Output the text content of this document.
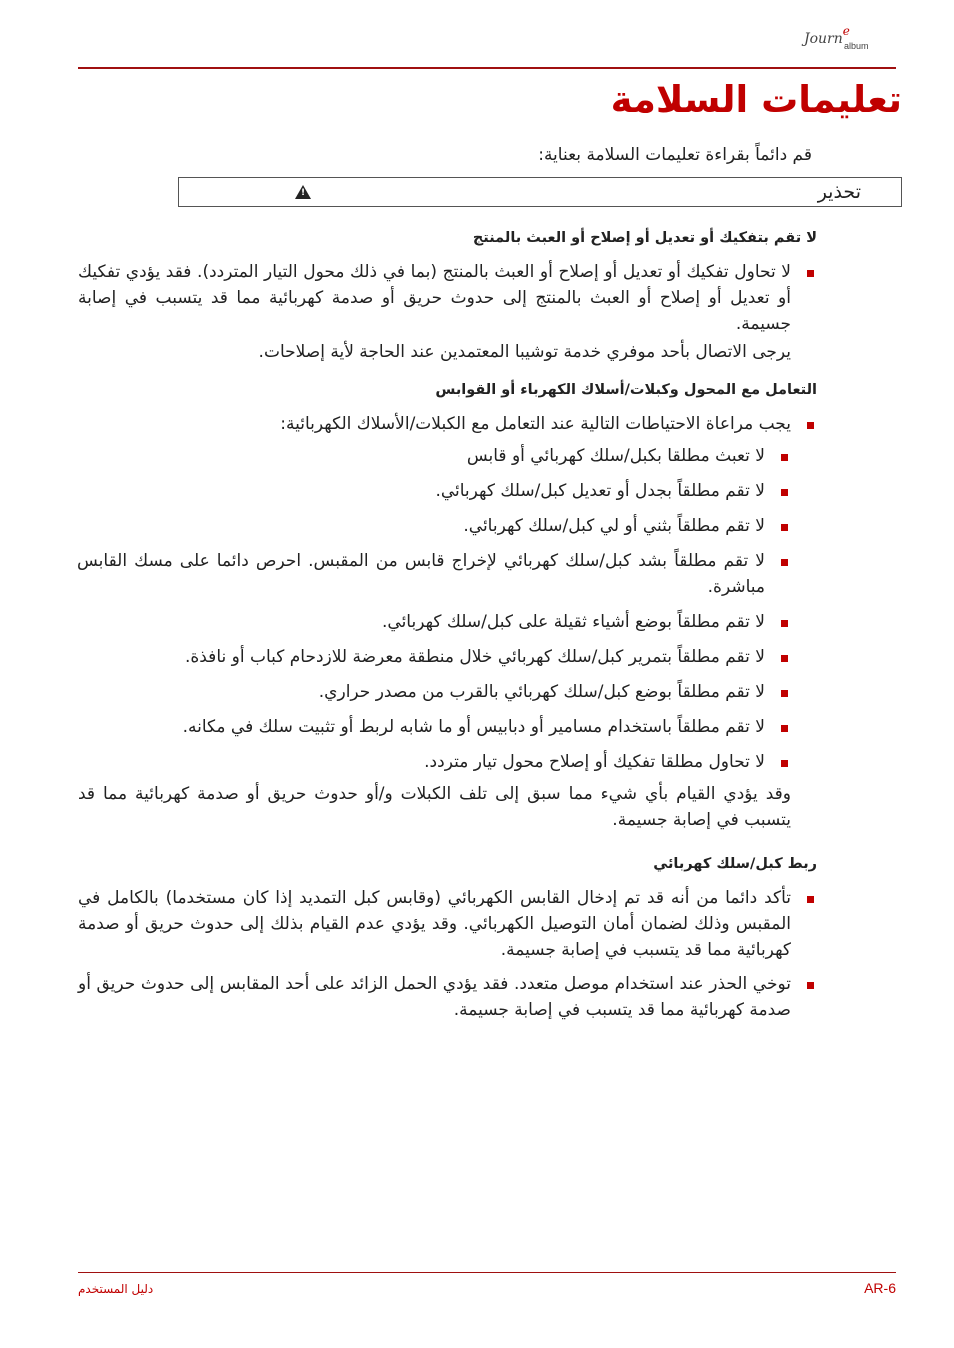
Journe
album
تعليمات السلامة
قم دائماً بقراءة تعليمات السلامة بعناية:
تحذير
!
لا تقم بتفكيك أو تعديل أو إصلاح أو العبث بالمنتج
لا تحاول تفكيك أو تعديل أو إصلاح أو العبث بالمنتج (بما في ذلك محول التيار المتردد). فقد يؤدي تفكيك أو تعديل أو إصلاح أو العبث بالمنتج إلى حدوث حريق أو صدمة كهربائية مما قد يتسبب في إصابة جسيمة.
يرجى الاتصال بأحد موفري خدمة توشيبا المعتمدين عند الحاجة لأية إصلاحات.
التعامل مع المحول وكبلات/أسلاك الكهرباء أو القوابس
يجب مراعاة الاحتياطات التالية عند التعامل مع الكبلات/الأسلاك الكهربائية:
لا تعبث مطلقا بكبل/سلك كهربائي أو قابس
لا تقم مطلقاً بجدل أو تعديل كبل/سلك كهربائي.
لا تقم مطلقاً بثني أو لي كبل/سلك كهربائي.
لا تقم مطلقاً بشد كبل/سلك كهربائي لإخراج قابس من المقبس. احرص دائما على مسك القابس مباشرة.
لا تقم مطلقاً بوضع أشياء ثقيلة على كبل/سلك كهربائي.
لا تقم مطلقاً بتمرير كبل/سلك كهربائي خلال منطقة معرضة للازدحام كباب أو نافذة.
لا تقم مطلقاً بوضع كبل/سلك كهربائي بالقرب من مصدر حراري.
لا تقم مطلقاً باستخدام مسامير أو دبابيس أو ما شابه لربط أو تثبيت سلك في مكانه.
لا تحاول مطلقا تفكيك أو إصلاح محول تيار متردد.
وقد يؤدي القيام بأي شيء مما سبق إلى تلف الكبلات و/أو حدوث حريق أو صدمة كهربائية مما قد يتسبب في إصابة جسيمة.
ربط كبل/سلك كهربائي
تأكد دائما من أنه قد تم إدخال القابس الكهربائي (وقابس كبل التمديد إذا كان مستخدما) بالكامل في المقبس وذلك لضمان أمان التوصيل الكهربائي. وقد يؤدي عدم القيام بذلك إلى حدوث حريق أو صدمة كهربائية مما قد يتسبب في إصابة جسيمة.
توخي الحذر عند استخدام موصل متعدد. فقد يؤدي الحمل الزائد على أحد المقابس إلى حدوث حريق أو صدمة كهربائية مما قد يتسبب في إصابة جسيمة.
دليل المستخدم	AR-6
